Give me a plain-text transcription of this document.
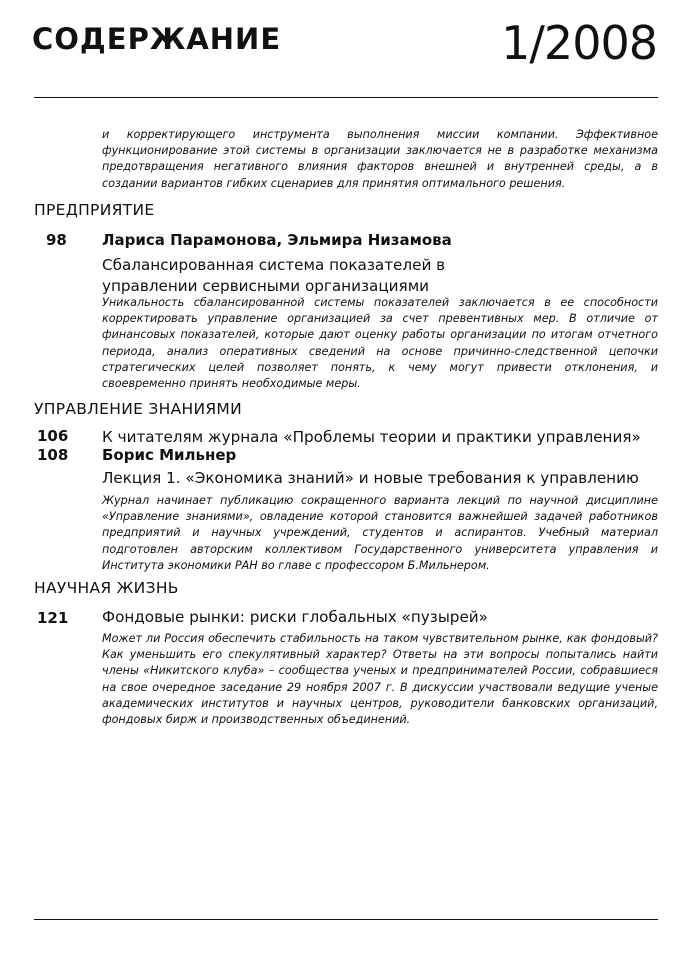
СОДЕРЖАНИЕ	1/2008

и корректирующего инструмента выполнения миссии компании. Эффективное функционирование этой системы в организации заключается не в разработке механизма предотвращения негативного влияния факторов внешней и внутренней среды, а в создании вариантов гибких сценариев для принятия оптимального решения.

ПРЕДПРИЯТИЕ
98 Лариса Парамонова, Эльмира Низамова

Сбалансированная система показателей в управлении сервисными организациями

Уникальность сбалансированной системы показателей заключается в ее способности корректировать управление организацией за счет превентивных мер. В отличие от финансовых показателей, которые дают оценку работы организации по итогам отчетного периода, анализ оперативных сведений на основе причинно-следственной цепочки стратегических целей позволяет понять, к чему могут привести отклонения, и своевременно принять необходимые меры.

УПРАВЛЕНИЕ ЗНАНИЯМИ
106 К читателям журнала «Проблемы теории и практики управления»
108 Борис Мильнер

Лекция 1. «Экономика знаний» и новые требования к управлению

Журнал начинает публикацию сокращенного варианта лекций по научной дисциплине «Управление знаниями», овладение которой становится важнейшей задачей работников предприятий и научных учреждений, студентов и аспирантов. Учебный материал подготовлен авторским коллективом Государственного университета управления и Института экономики РАН во главе с профессором Б.Мильнером.

НАУЧНАЯ ЖИЗНЬ
121 Фондовые рынки: риски глобальных «пузырей»

Может ли Россия обеспечить стабильность на таком чувствительном рынке, как фондовый? Как уменьшить его спекулятивный характер? Ответы на эти вопросы попытались найти члены «Никитского клуба» – сообщества ученых и предпринимателей России, собравшиеся на свое очередное заседание 29 ноября 2007 г. В дискуссии участвовали ведущие ученые академических институтов и научных центров, руководители банковских организаций, фондовых бирж и производственных объединений.
